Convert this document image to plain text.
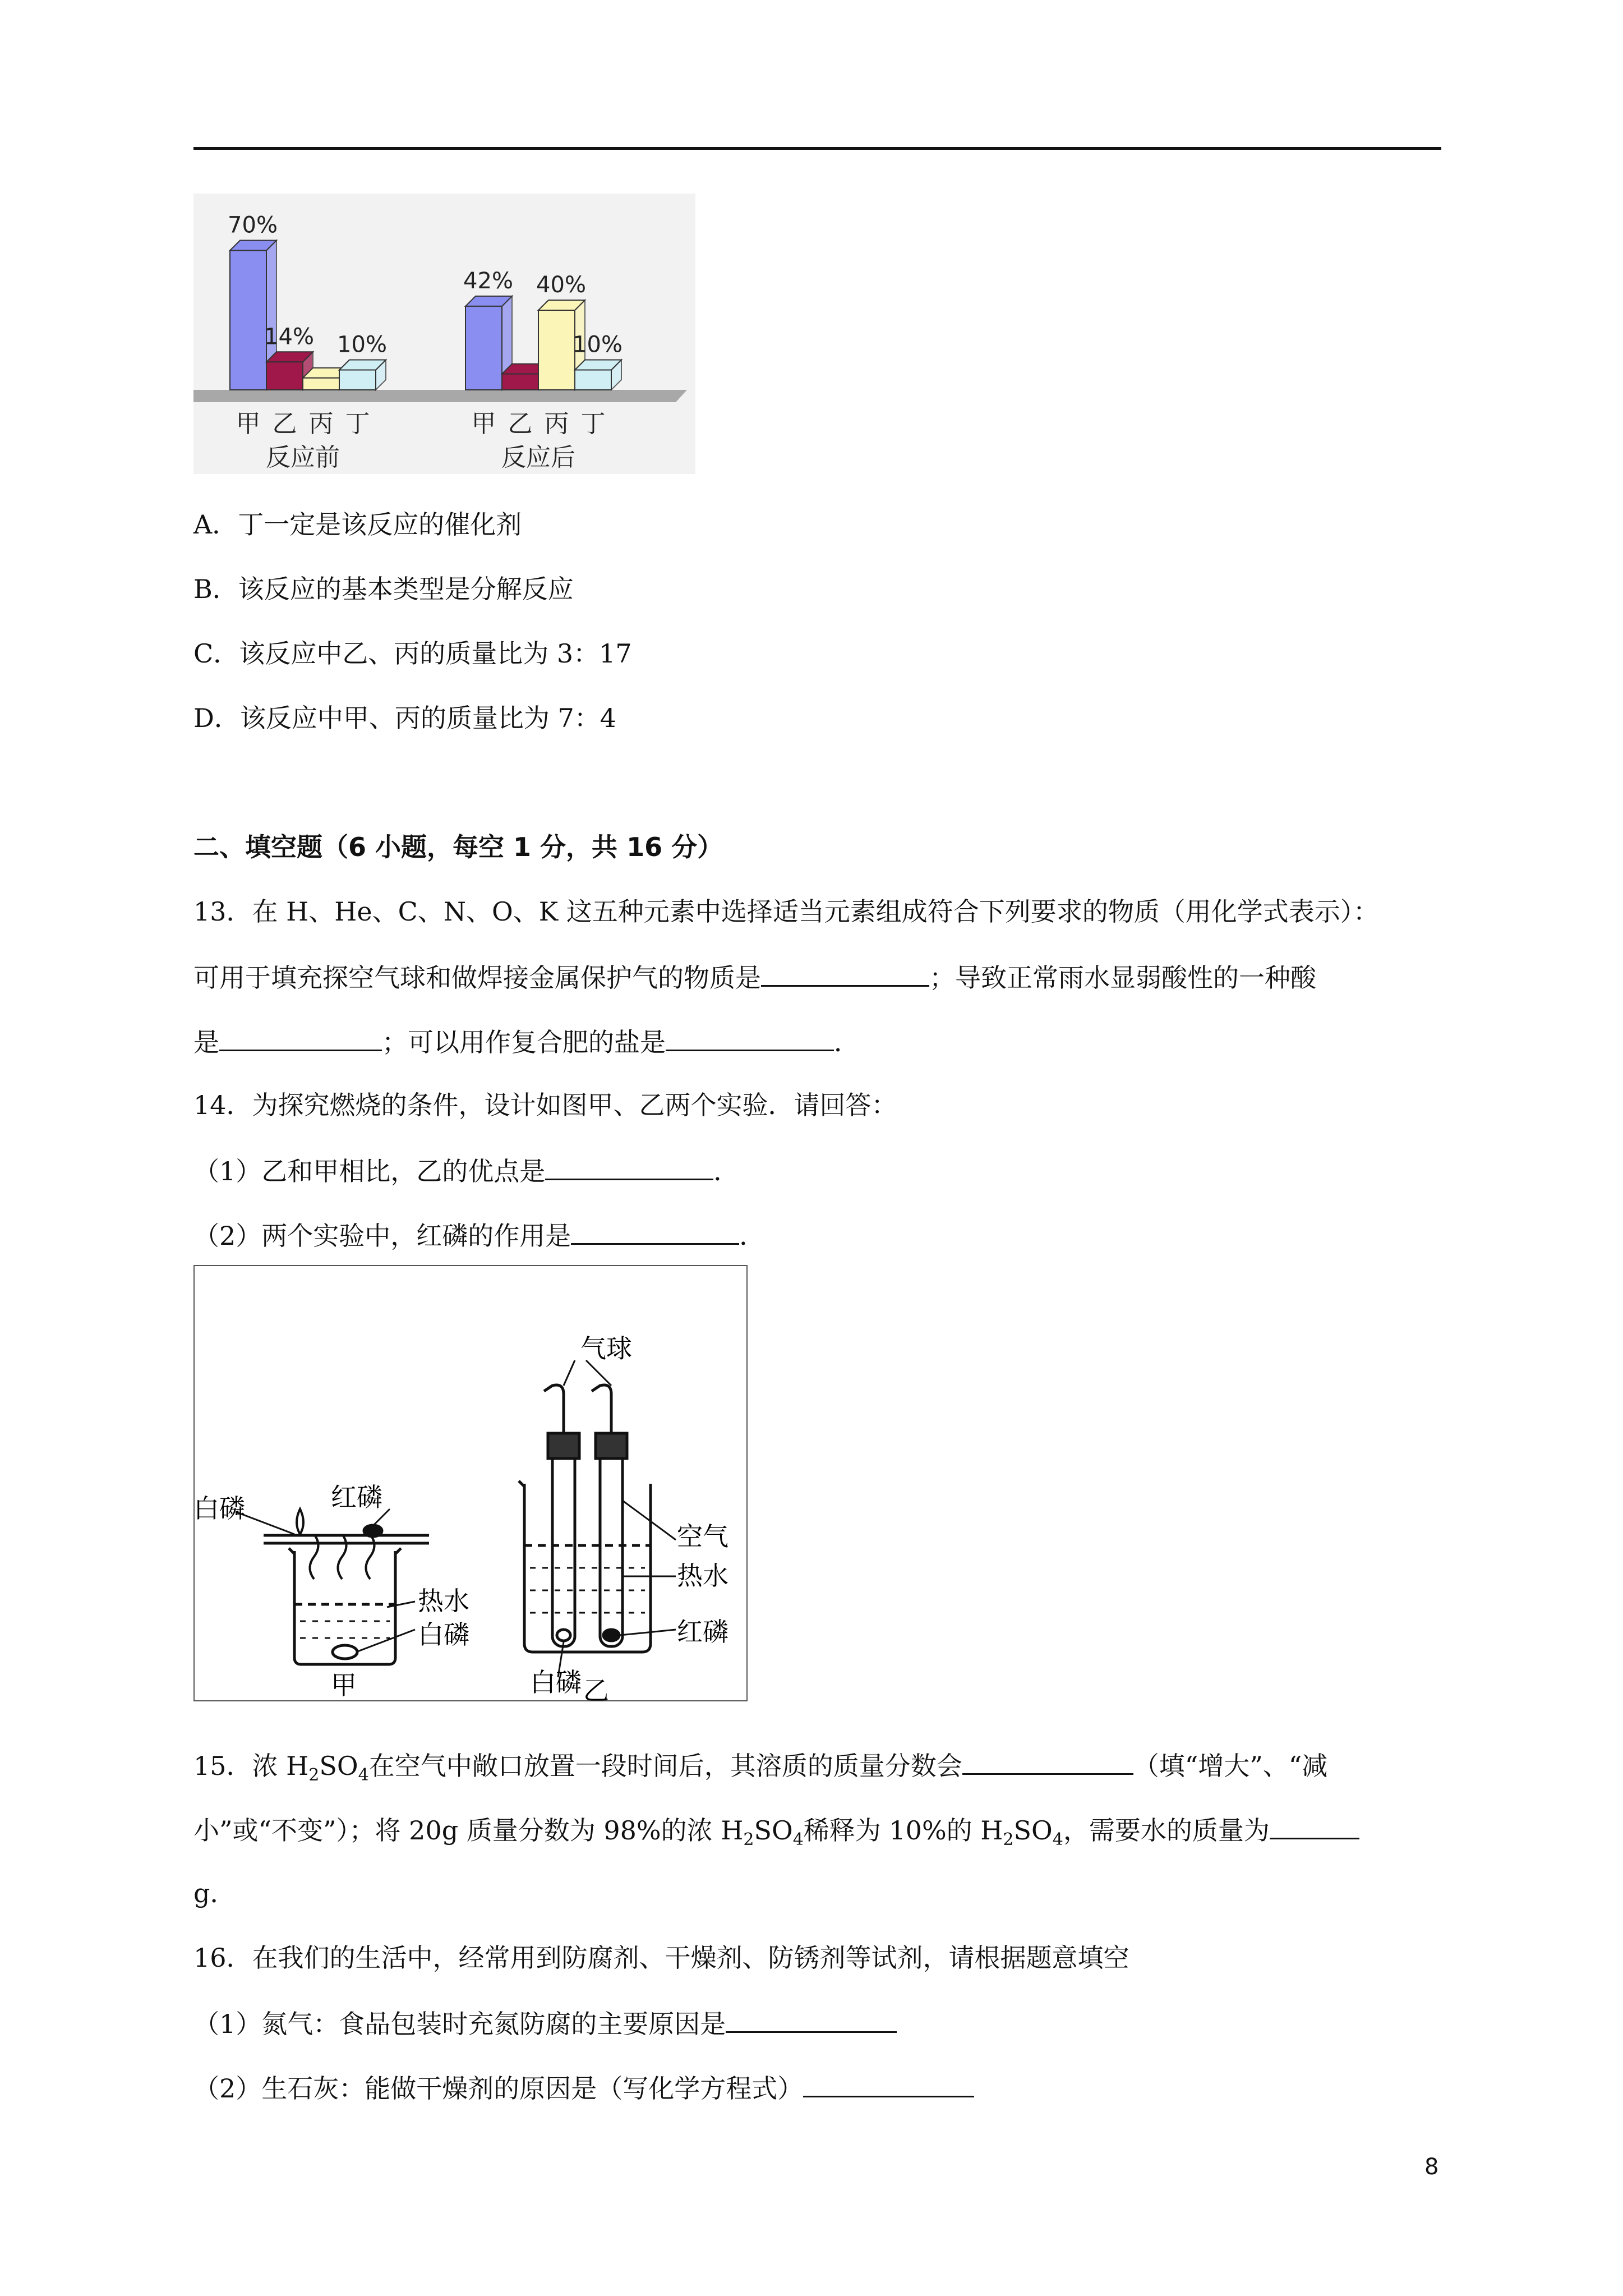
70%
甲
14%
乙 丙
10%
丁
反应前
42%
甲 乙
40%
丙
10%
丁
反应后
A．丁一定是该反应的催化剂
B．该反应的基本类型是分解反应
C．该反应中乙、丙的质量比为 3：17
D．该反应中甲、丙的质量比为 7：4
二、填空题（6 小题，每空 1 分，共 16 分）
13．在 H、He、C、N、O、K 这五种元素中选择适当元素组成符合下列要求的物质（用化学式表示）：
可用于填充探空气球和做焊接金属保护气的物质是	；导致正常雨水显弱酸性的一种酸
是	；可以用作复合肥的盐是	．
14．为探究燃烧的条件，设计如图甲、乙两个实验．请回答：
（1）乙和甲相比，乙的优点是	．
（2）两个实验中，红磷的作用是	．
红磷
白磷
热水
白磷
甲
气球
空气
热水
红磷
白磷 乙
15．浓 $H_2SO_4$在空气中敞口放置一段时间后，其溶质的质量分数会	（填“增大”、“减
小”或“不变”）；将 20g 质量分数为 98%的浓 $H_2SO_4$稀释为 10%的 $H_2SO_4$，需要水的质量为
g．
16．在我们的生活中，经常用到防腐剂、干燥剂、防锈剂等试剂，请根据题意填空
（1）氮气：食品包装时充氮防腐的主要原因是
（2）生石灰：能做干燥剂的原因是（写化学方程式）
8
